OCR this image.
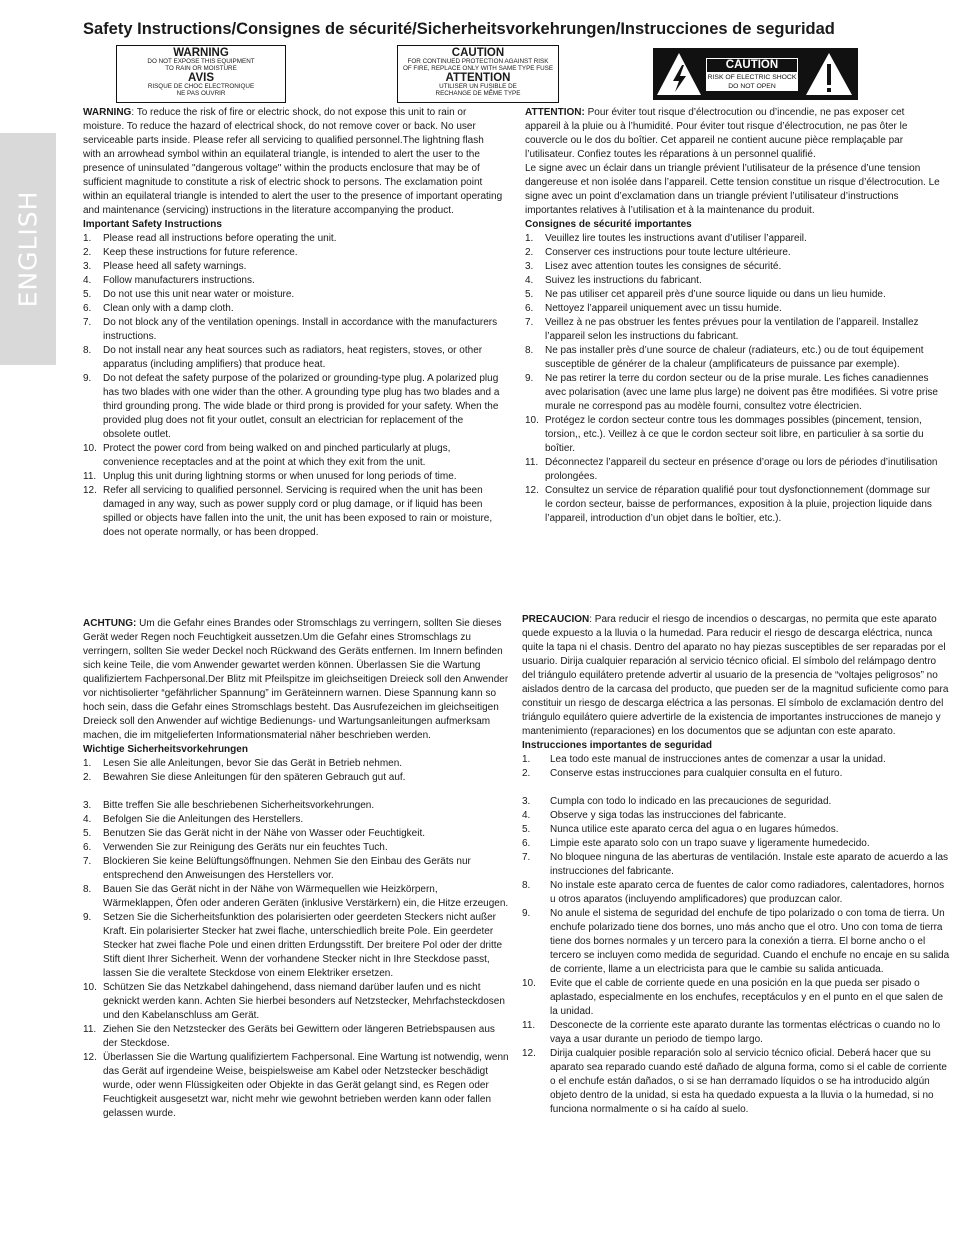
ENGLISH
Safety Instructions/Consignes de sécurité/Sicherheitsvorkehrungen/Instrucciones de seguridad
WARNING
DO NOT EXPOSE THIS EQUIPMENT
TO RAIN OR MOISTURE
AVIS
RISQUE DE CHOC ELECTRONIQUE
NE PAS OUVRIR
CAUTION
FOR CONTINUED PROTECTION AGAINST RISK
OF FIRE, REPLACE ONLY WITH SAME TYPE FUSE
ATTENTION
UTILISER UN FUSIBLE DE
RECHANGE DE MÊME TYPE
CAUTION
RISK OF ELECTRIC SHOCK
DO NOT OPEN

WARNING: To reduce the risk of fire or electric shock, do not expose this unit to rain or moisture. To reduce the hazard of electrical shock, do not remove cover or back. No user serviceable parts inside. Please refer all servicing to qualified personnel.The lightning flash with an arrowhead symbol within an equilateral triangle, is intended to alert the user to the presence of uninsulated "dangerous voltage" within the products enclosure that may be of sufficient magnitude to constitute a risk of electric shock to persons. The exclamation point within an equilateral triangle is intended to alert the user to the presence of important operating and maintenance (servicing) instructions in the literature accompanying the product.

Important Safety Instructions

1. Please read all instructions before operating the unit.
2. Keep these instructions for future reference.
3. Please heed all safety warnings.
4. Follow manufacturers instructions.
5. Do not use this unit near water or moisture.
6. Clean only with a damp cloth.
7. Do not block any of the ventilation openings. Install in accordance with the manufacturers instructions.
8. Do not install near any heat sources such as radiators, heat registers, stoves, or other apparatus (including amplifiers) that produce heat.
9. Do not defeat the safety purpose of the polarized or grounding-type plug. A polarized plug has two blades with one wider than the other. A grounding type plug has two blades and a third grounding prong. The wide blade or third prong is provided for your safety. When the provided plug does not fit your outlet, consult an electrician for replacement of the obsolete outlet.
10. Protect the power cord from being walked on and pinched particularly at plugs, convenience receptacles and at the point at which they exit from the unit.
11. Unplug this unit during lightning storms or when unused for long periods of time.
12. Refer all servicing to qualified personnel. Servicing is required when the unit has been damaged in any way, such as power supply cord or plug damage, or if liquid has been spilled or objects have fallen into the unit, the unit has been exposed to rain or moisture, does not operate normally, or has been dropped.

ATTENTION: Pour éviter tout risque d’électrocution ou d’incendie, ne pas exposer cet appareil à la pluie ou à l’humidité. Pour éviter tout risque d’électrocution, ne pas ôter le couvercle ou le dos du boîtier. Cet appareil ne contient aucune pièce remplaçable par l’utilisateur. Confiez toutes les réparations à un personnel qualifié.

Le signe avec un éclair dans un triangle prévient l’utilisateur de la présence d’une tension dangereuse et non isolée dans l’appareil. Cette tension constitue un risque d’électrocution. Le signe avec un point d’exclamation dans un triangle prévient l’utilisateur d’instructions importantes relatives à l’utilisation et à la maintenance du produit.

Consignes de sécurité importantes

1. Veuillez lire toutes les instructions avant d’utiliser l’appareil.
2. Conserver ces instructions pour toute lecture ultérieure.
3. Lisez avec attention toutes les consignes de sécurité.
4. Suivez les instructions du fabricant.
5. Ne pas utiliser cet appareil près d’une source liquide ou dans un lieu humide.
6. Nettoyez l’appareil uniquement avec un tissu humide.
7. Veillez à ne pas obstruer les fentes prévues pour la ventilation de l’appareil. Installez l’appareil selon les instructions du fabricant.
8. Ne pas installer près d’une source de chaleur (radiateurs, etc.) ou de tout équipement susceptible de générer de la chaleur (amplificateurs de puissance par exemple).
9. Ne pas retirer la terre du cordon secteur ou de la prise murale. Les fiches canadiennes avec polarisation (avec une lame plus large) ne doivent pas être modifiées. Si votre prise murale ne correspond pas au modèle fourni, consultez votre électricien.
10. Protégez le cordon secteur contre tous les dommages possibles (pincement, tension, torsion,, etc.). Veillez à ce que le cordon secteur soit libre, en particulier à sa sortie du boîtier.
11. Déconnectez l’appareil du secteur en présence d’orage ou lors de périodes d’inutilisation prolongées.
12. Consultez un service de réparation qualifié pour tout dysfonctionnement (dommage sur le cordon secteur, baisse de performances, exposition à la pluie, projection liquide dans l’appareil, introduction d’un objet dans le boîtier, etc.).

ACHTUNG: Um die Gefahr eines Brandes oder Stromschlags zu verringern, sollten Sie dieses Gerät weder Regen noch Feuchtigkeit aussetzen.Um die Gefahr eines Stromschlags zu verringern, sollten Sie weder Deckel noch Rückwand des Geräts entfernen. Im Innern befinden sich keine Teile, die vom Anwender gewartet werden können. Überlassen Sie die Wartung qualifiziertem Fachpersonal.Der Blitz mit Pfeilspitze im gleichseitigen Dreieck soll den Anwender vor nichtisolierter “gefährlicher Spannung” im Geräteinnern warnen. Diese Spannung kann so hoch sein, dass die Gefahr eines Stromschlags besteht. Das Ausrufezeichen im gleichseitigen Dreieck soll den Anwender auf wichtige Bedienungs- und Wartungsanleitungen aufmerksam machen, die im mitgelieferten Informationsmaterial näher beschrieben werden.

Wichtige Sicherheitsvorkehrungen

1. Lesen Sie alle Anleitungen, bevor Sie das Gerät in Betrieb nehmen.
2. Bewahren Sie diese Anleitungen für den späteren Gebrauch gut auf.
3. Bitte treffen Sie alle beschriebenen Sicherheitsvorkehrungen.
4. Befolgen Sie die Anleitungen des Herstellers.
5. Benutzen Sie das Gerät nicht in der Nähe von Wasser oder Feuchtigkeit.
6. Verwenden Sie zur Reinigung des Geräts nur ein feuchtes Tuch.
7. Blockieren Sie keine Belüftungsöffnungen. Nehmen Sie den Einbau des Geräts nur entsprechend den Anweisungen des Herstellers vor.
8. Bauen Sie das Gerät nicht in der Nähe von Wärmequellen wie Heizkörpern, Wärmeklappen, Öfen oder anderen Geräten (inklusive Verstärkern) ein, die Hitze erzeugen.
9. Setzen Sie die Sicherheitsfunktion des polarisierten oder geerdeten Steckers nicht außer Kraft. Ein polarisierter Stecker hat zwei flache, unterschiedlich breite Pole. Ein geerdeter Stecker hat zwei flache Pole und einen dritten Erdungsstift. Der breitere Pol oder der dritte Stift dient Ihrer Sicherheit. Wenn der vorhandene Stecker nicht in Ihre Steckdose passt, lassen Sie die veraltete Steckdose von einem Elektriker ersetzen.
10. Schützen Sie das Netzkabel dahingehend, dass niemand darüber laufen und es nicht geknickt werden kann. Achten Sie hierbei besonders auf Netzstecker, Mehrfachsteckdosen und den Kabelanschluss am Gerät.
11. Ziehen Sie den Netzstecker des Geräts bei Gewittern oder längeren Betriebspausen aus der Steckdose.
12. Überlassen Sie die Wartung qualifiziertem Fachpersonal. Eine Wartung ist notwendig, wenn das Gerät auf irgendeine Weise, beispielsweise am Kabel oder Netzstecker beschädigt wurde, oder wenn Flüssigkeiten oder Objekte in das Gerät gelangt sind, es Regen oder Feuchtigkeit ausgesetzt war, nicht mehr wie gewohnt betrieben werden kann oder fallen gelassen wurde.

PRECAUCION: Para reducir el riesgo de incendios o descargas, no permita que este aparato quede expuesto a la lluvia o la humedad. Para reducir el riesgo de descarga eléctrica, nunca quite la tapa ni el chasis. Dentro del aparato no hay piezas susceptibles de ser reparadas por el usuario. Dirija cualquier reparación al servicio técnico oficial. El símbolo del relámpago dentro del triángulo equilátero pretende advertir al usuario de la presencia de “voltajes peligrosos” no aislados dentro de la carcasa del producto, que pueden ser de la magnitud suficiente como para constituir un riesgo de descarga eléctrica a las personas. El símbolo de exclamación dentro del triángulo equilátero quiere advertirle de la existencia de importantes instrucciones de manejo y mantenimiento (reparaciones) en los documentos que se adjuntan con este aparato.

Instrucciones importantes de seguridad

1. Lea todo este manual de instrucciones antes de comenzar a usar la unidad.
2. Conserve estas instrucciones para cualquier consulta en el futuro.
3. Cumpla con todo lo indicado en las precauciones de seguridad.
4. Observe y siga todas las instrucciones del fabricante.
5. Nunca utilice este aparato cerca del agua o en lugares húmedos.
6. Limpie este aparato solo con un trapo suave y ligeramente humedecido.
7. No bloquee ninguna de las aberturas de ventilación. Instale este aparato de acuerdo a las instrucciones del fabricante.
8. No instale este aparato cerca de fuentes de calor como radiadores, calentadores, hornos u otros aparatos (incluyendo amplificadores) que produzcan calor.
9. No anule el sistema de seguridad del enchufe de tipo polarizado o con toma de tierra. Un enchufe polarizado tiene dos bornes, uno más ancho que el otro. Uno con toma de tierra tiene dos bornes normales y un tercero para la conexión a tierra. El borne ancho o el tercero se incluyen como medida de seguridad. Cuando el enchufe no encaje en su salida de corriente, llame a un electricista para que le cambie su salida anticuada.
10. Evite que el cable de corriente quede en una posición en la que pueda ser pisado o aplastado, especialmente en los enchufes, receptáculos y en el punto en el que salen de la unidad.
11. Desconecte de la corriente este aparato durante las tormentas eléctricas o cuando no lo vaya a usar durante un periodo de tiempo largo.
12. Dirija cualquier posible reparación solo al servicio técnico oficial. Deberá hacer que su aparato sea reparado cuando esté dañado de alguna forma, como si el cable de corriente o el enchufe están dañados, o si se han derramado líquidos o se ha introducido algún objeto dentro de la unidad, si esta ha quedado expuesta a la lluvia o la humedad, si no funciona normalmente o si ha caído al suelo.
